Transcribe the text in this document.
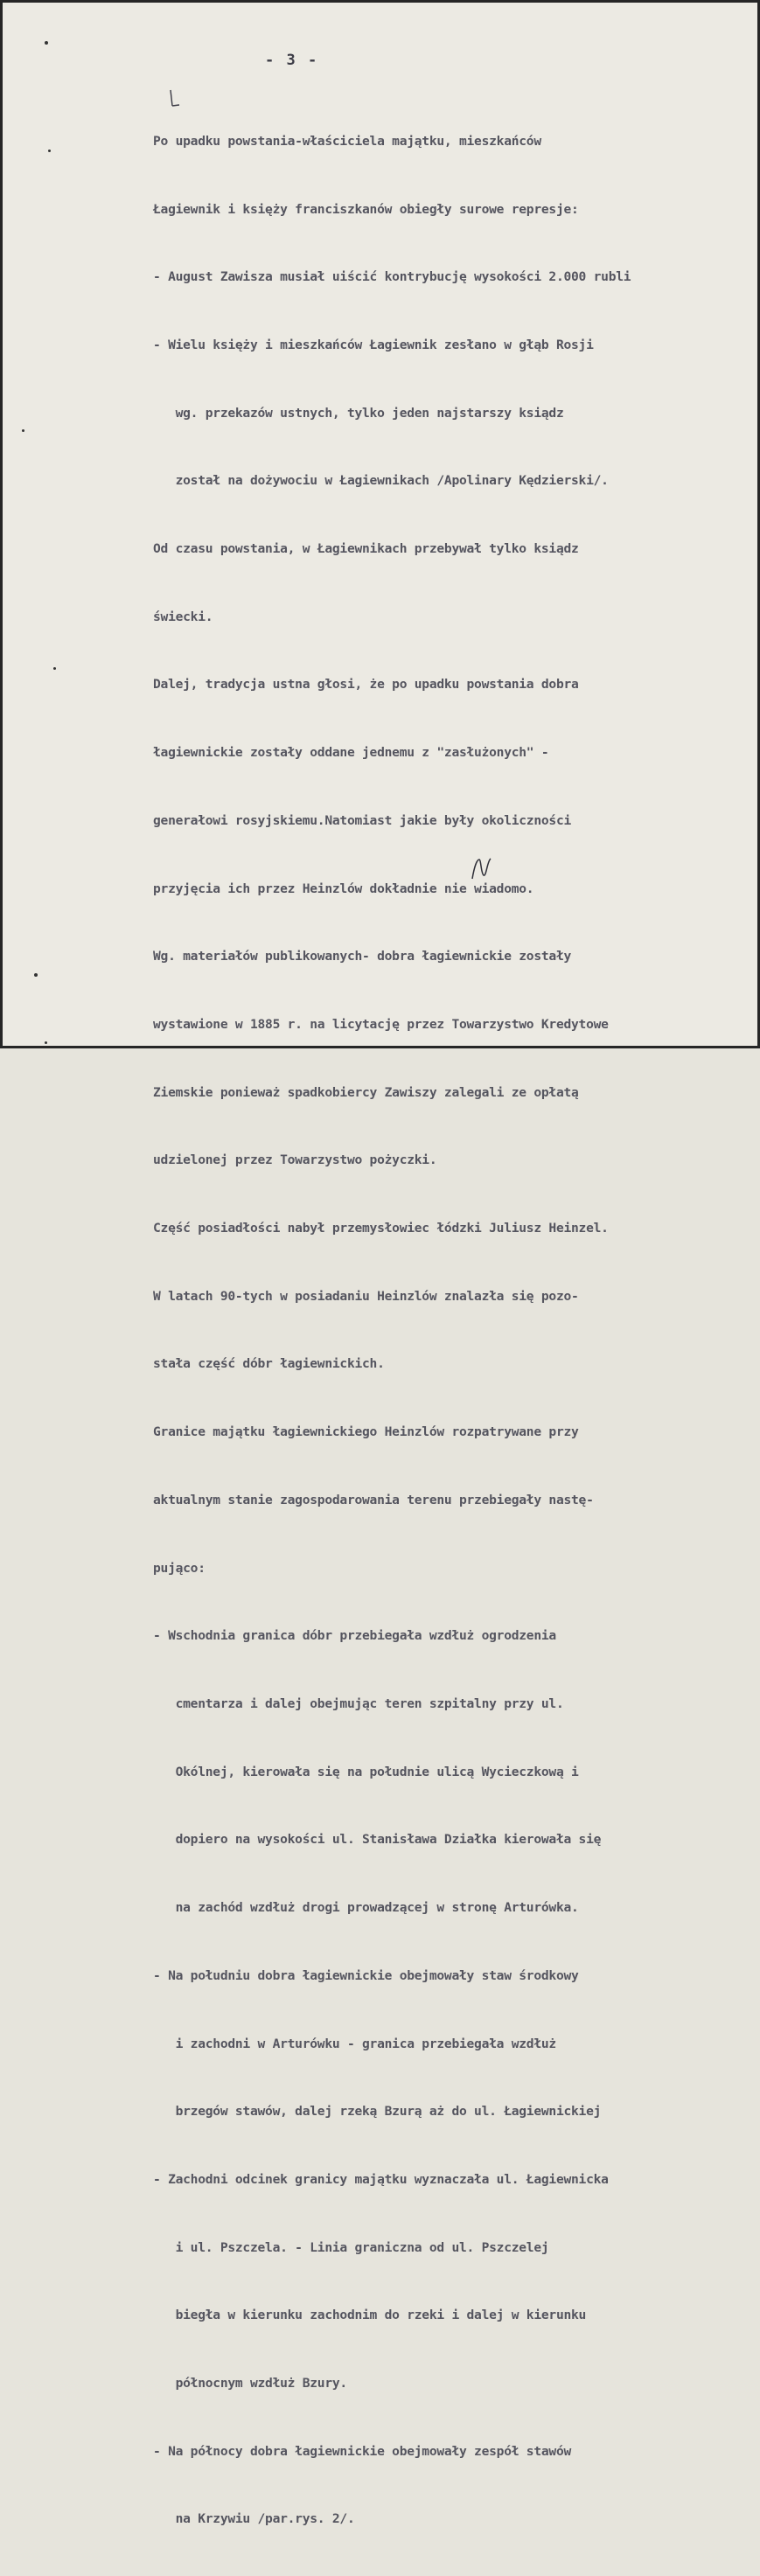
- 3 -

Po upadku powstania-właściciela majątku, mieszkańców

Łagiewnik i księży franciszkanów obiegły surowe represje:

- August Zawisza musiał uiścić kontrybucję wysokości 2.000 rubli

- Wielu księży i mieszkańców Łagiewnik zesłano w głąb Rosji

wg. przekazów ustnych, tylko jeden najstarszy ksiądz

został na dożywociu w Łagiewnikach /Apolinary Kędzierski/.

Od czasu powstania, w Łagiewnikach przebywał tylko ksiądz

świecki.

Dalej, tradycja ustna głosi, że po upadku powstania dobra

łagiewnickie zostały oddane jednemu z "zasłużonych" -

generałowi rosyjskiemu.Natomiast jakie były okoliczności

przyjęcia ich przez Heinzlów dokładnie nie wiadomo.

Wg. materiałów publikowanych- dobra łagiewnickie zostały

wystawione w 1885 r. na licytację przez Towarzystwo Kredytowe

Ziemskie ponieważ spadkobiercy Zawiszy zalegali ze opłatą

udzielonej przez Towarzystwo pożyczki.

Część posiadłości nabył przemysłowiec łódzki Juliusz Heinzel.

W latach 90-tych w posiadaniu Heinzlów znalazła się pozo-

stała część dóbr łagiewnickich.

Granice majątku łagiewnickiego Heinzlów rozpatrywane przy

aktualnym stanie zagospodarowania terenu przebiegały nastę-

pująco:

- Wschodnia granica dóbr przebiegała wzdłuż ogrodzenia

cmentarza i dalej obejmując teren szpitalny przy ul.

Okólnej, kierowała się na południe ulicą Wycieczkową i

dopiero na wysokości ul. Stanisława Działka kierowała się

na zachód wzdłuż drogi prowadzącej w stronę Arturówka.

- Na południu dobra łagiewnickie obejmowały staw środkowy

i zachodni w Arturówku - granica przebiegała wzdłuż

brzegów stawów, dalej rzeką Bzurą aż do ul. Łagiewnickiej

- Zachodni odcinek granicy majątku wyznaczała ul. Łagiewnicka

i ul. Pszczela. - Linia graniczna od ul. Pszczelej

biegła w kierunku zachodnim do rzeki i dalej w kierunku

północnym wzdłuż Bzury.

- Na północy dobra łagiewnickie obejmowały zespół stawów

na Krzywiu /par.rys. 2/.
